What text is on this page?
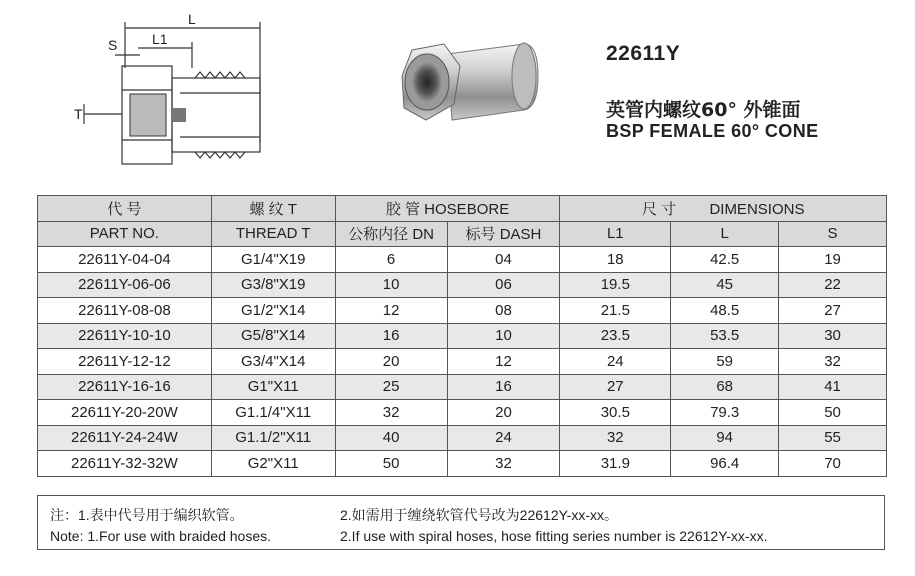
L
L1
S
T
22611Y
英管内螺纹60° 外锥面
BSP FEMALE 60° CONE
代 号	螺 纹 T	胶 管 HOSEBORE		尺 寸 DIMENSIONS		
PART NO.	THREAD T	公称内径 DN	标号 DASH	L1	L	S
22611Y-04-04	G1/4"X19	6	04	18	42.5	19
22611Y-06-06	G3/8"X19	10	06	19.5	45	22
22611Y-08-08	G1/2"X14	12	08	21.5	48.5	27
22611Y-10-10	G5/8"X14	16	10	23.5	53.5	30
22611Y-12-12	G3/4"X14	20	12	24	59	32
22611Y-16-16	G1"X11	25	16	27	68	41
22611Y-20-20W	G1.1/4"X11	32	20	30.5	79.3	50
22611Y-24-24W	G1.1/2"X11	40	24	32	94	55
22611Y-32-32W	G2"X11	50	32	31.9	96.4	70
注：1.表中代号用于编织软管。	2.如需用于缠绕软管代号改为22612Y-xx-xx。
Note: 1.For use with braided hoses.	2.If use with spiral hoses, hose fitting series number is 22612Y-xx-xx.
